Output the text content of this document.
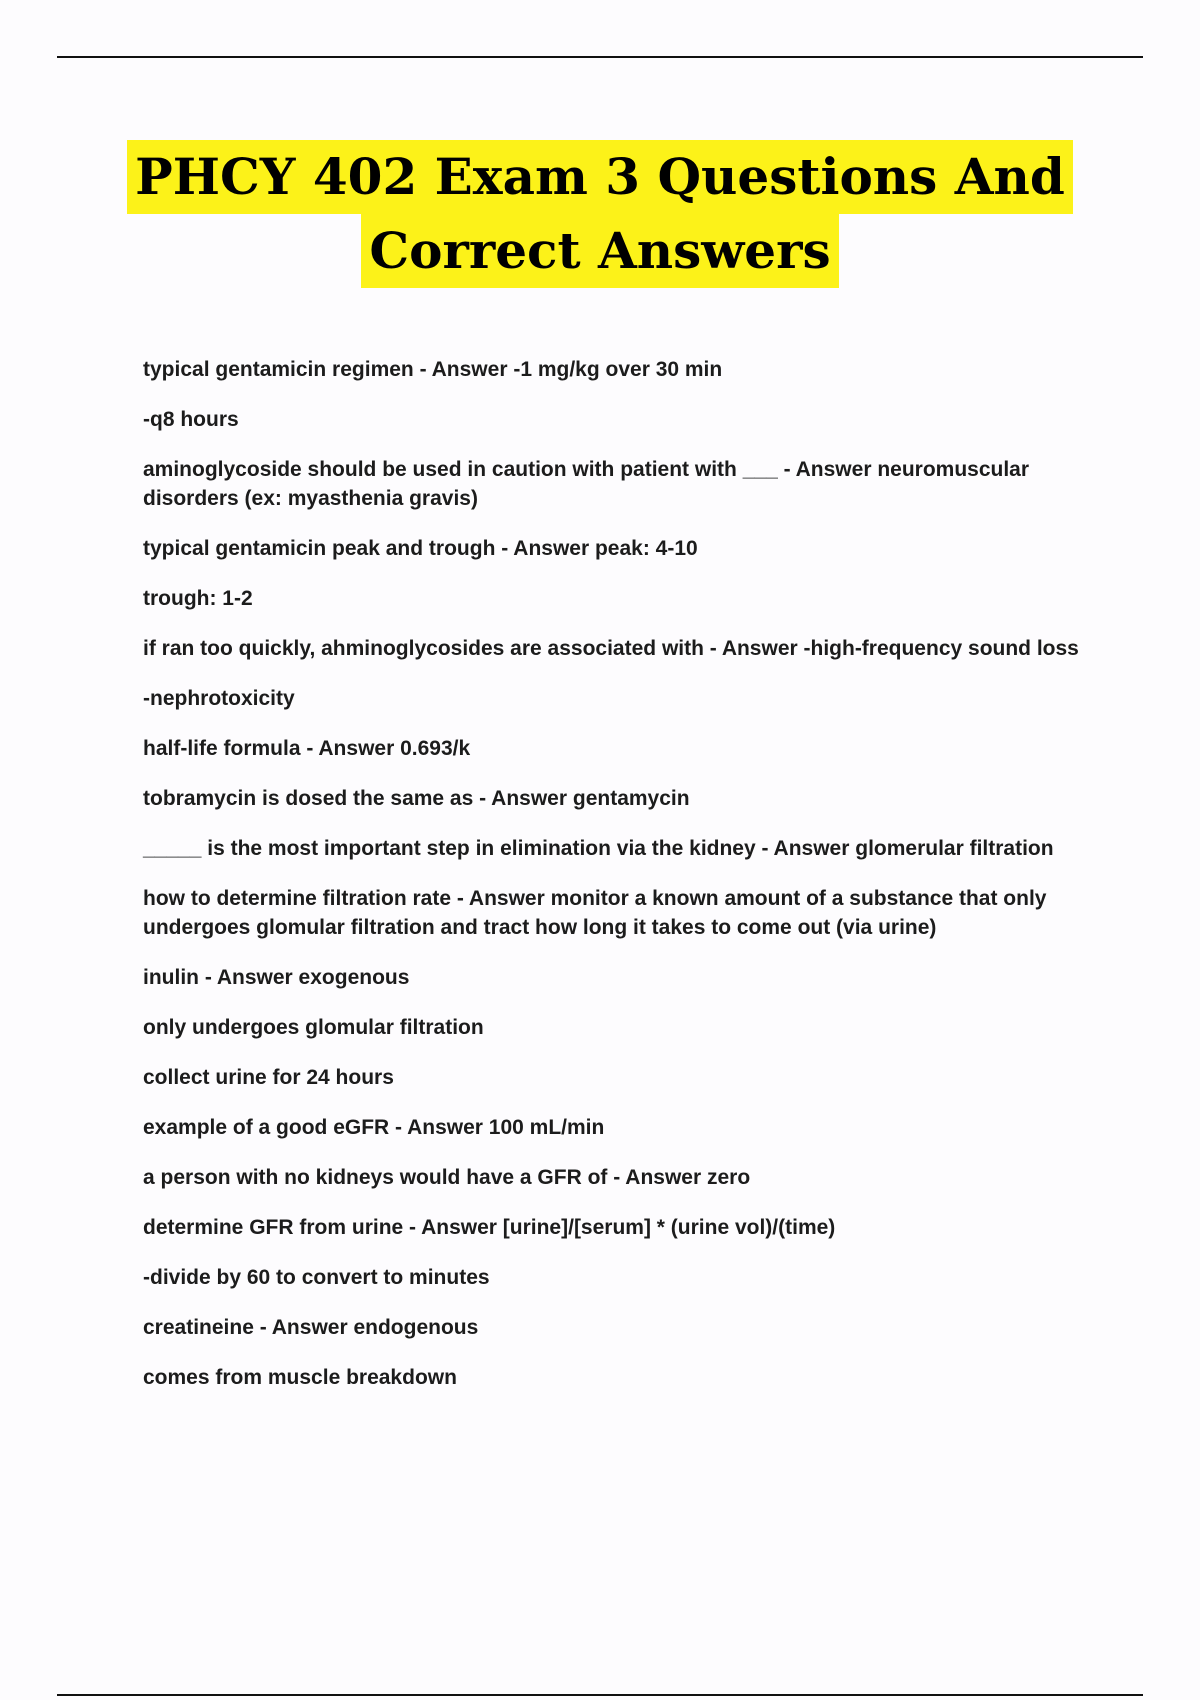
PHCY 402 Exam 3 Questions And
Correct Answers

typical gentamicin regimen - Answer -1 mg/kg over 30 min

-q8 hours

aminoglycoside should be used in caution with patient with ___ - Answer neuromuscular disorders (ex: myasthenia gravis)

typical gentamicin peak and trough - Answer peak: 4-10

trough: 1-2

if ran too quickly, ahminoglycosides are associated with - Answer -high-frequency sound loss

-nephrotoxicity

half-life formula - Answer 0.693/k

tobramycin is dosed the same as - Answer gentamycin

_____ is the most important step in elimination via the kidney - Answer glomerular filtration

how to determine filtration rate - Answer monitor a known amount of a substance that only undergoes glomular filtration and tract how long it takes to come out (via urine)

inulin - Answer exogenous

only undergoes glomular filtration

collect urine for 24 hours

example of a good eGFR - Answer 100 mL/min

a person with no kidneys would have a GFR of - Answer zero

determine GFR from urine - Answer [urine]/[serum] * (urine vol)/(time)

-divide by 60 to convert to minutes

creatineine - Answer endogenous

comes from muscle breakdown
